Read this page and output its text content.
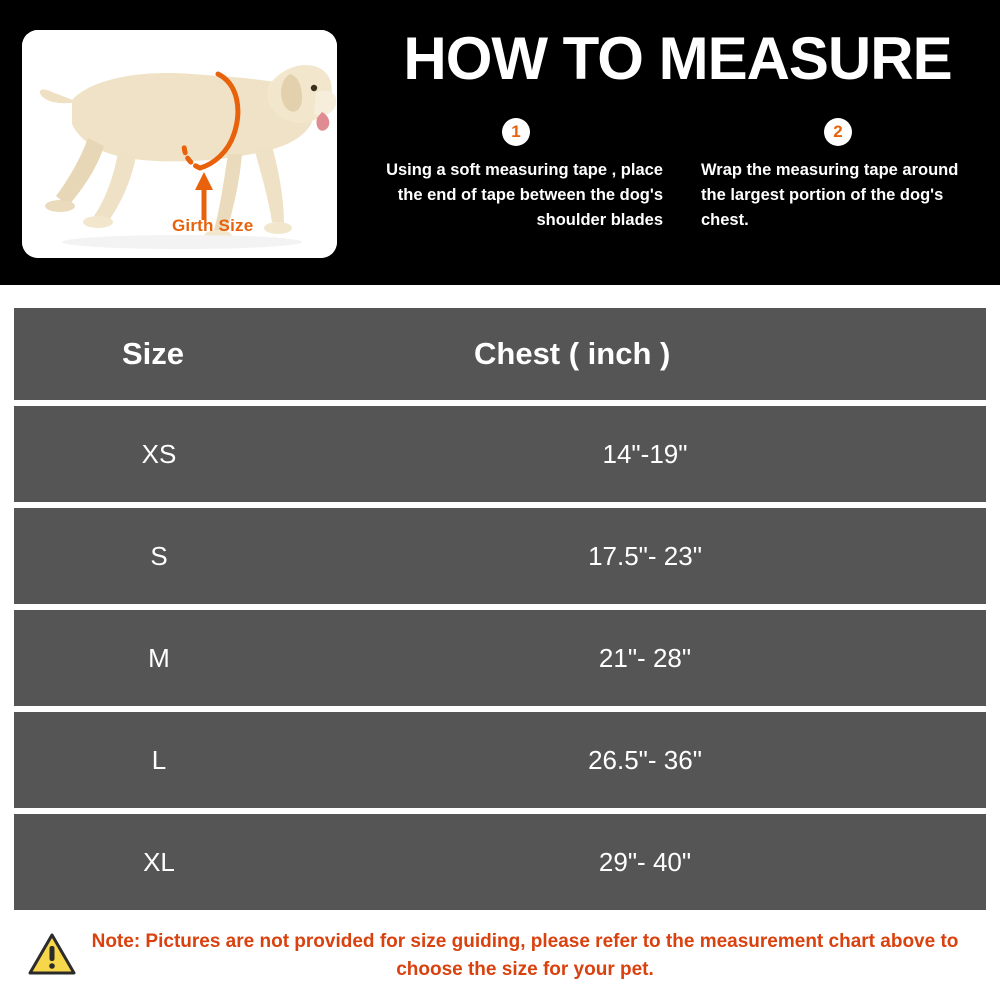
Girth Size
HOW TO MEASURE
1
Using a soft measuring tape , place the end of tape between the dog's shoulder blades
2
Wrap the measuring tape around the largest portion of the dog's chest.
Size	Chest ( inch )
XS	14"-19"
S	17.5"- 23"
M	21"- 28"
L	26.5"- 36"
XL	29"- 40"
Note: Pictures are not provided for size guiding, please refer to the measurement chart above to choose the size for your pet.
